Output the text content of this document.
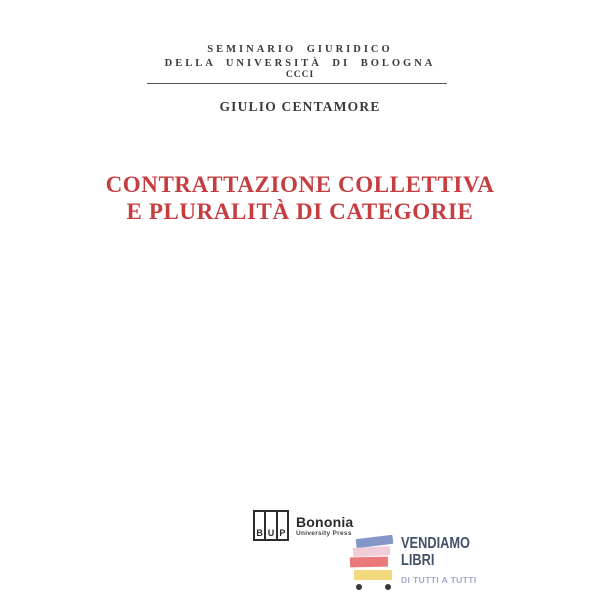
SEMINARIO GIURIDICO
DELLA UNIVERSITÀ DI BOLOGNA
CCCI
GIULIO CENTAMORE
CONTRATTAZIONE COLLETTIVA
E PLURALITÀ DI CATEGORIE
B U P
Bononia
University Press
VENDIAMO
LIBRI
DI TUTTI A TUTTI
